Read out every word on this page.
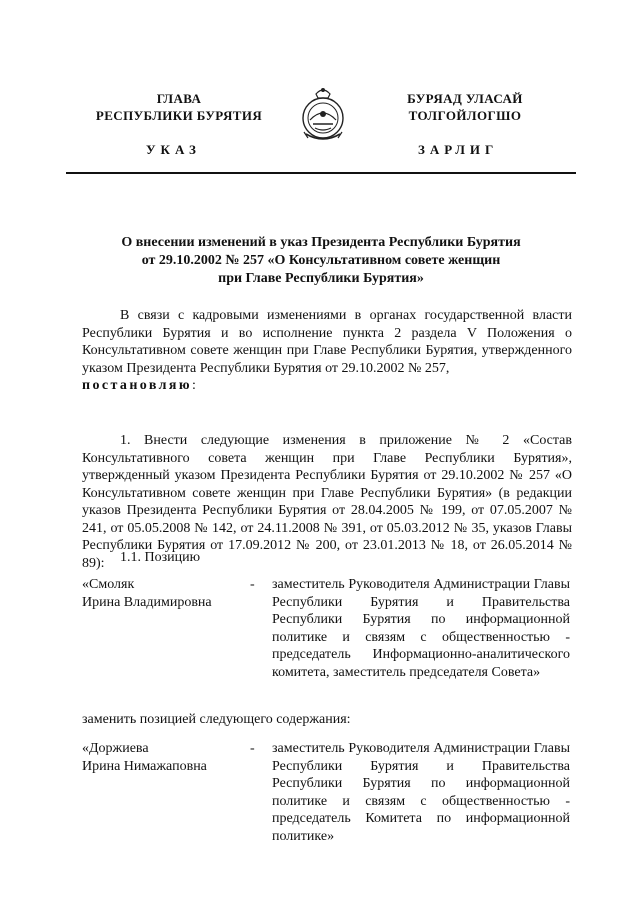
ГЛАВА
РЕСПУБЛИКИ БУРЯТИЯ
БУРЯАД УЛАСАЙ
ТОЛГОЙЛОГШО
УКАЗ	ЗАРЛИГ
О внесении изменений в указ Президента Республики Бурятия
от 29.10.2002 № 257 «О Консультативном совете женщин
при Главе Республики Бурятия»
В связи с кадровыми изменениями в органах государственной власти Республики Бурятия и во исполнение пункта 2 раздела V Положения о Консультативном совете женщин при Главе Республики Бурятия, утвержденного указом Президента Республики Бурятия от 29.10.2002 № 257,
постановляю:
1. Внести следующие изменения в приложение № 2 «Состав Консультативного совета женщин при Главе Республики Бурятия», утвержденный указом Президента Республики Бурятия от 29.10.2002 № 257 «О Консультативном совете женщин при Главе Республики Бурятия» (в редакции указов Президента Республики Бурятия от 28.04.2005 № 199, от 07.05.2007 № 241, от 05.05.2008 № 142, от 24.11.2008 № 391, от 05.03.2012 № 35, указов Главы Республики Бурятия от 17.09.2012 № 200, от 23.01.2013 № 18, от 26.05.2014 № 89):	1.1. Позицию
«Смоляк
Ирина Владимировна
- заместитель Руководителя Администрации Главы Республики Бурятия и Правительства Республики Бурятия по информационной политике и связям с общественностью - председатель Информационно-аналитического комитета, заместитель председателя Совета»
заменить позицией следующего содержания:
«Доржиева
Ирина Нимажаповна
- заместитель Руководителя Администрации Главы Республики Бурятия и Правительства Республики Бурятия по информационной политике и связям с общественностью - председатель Комитета по информационной политике»
